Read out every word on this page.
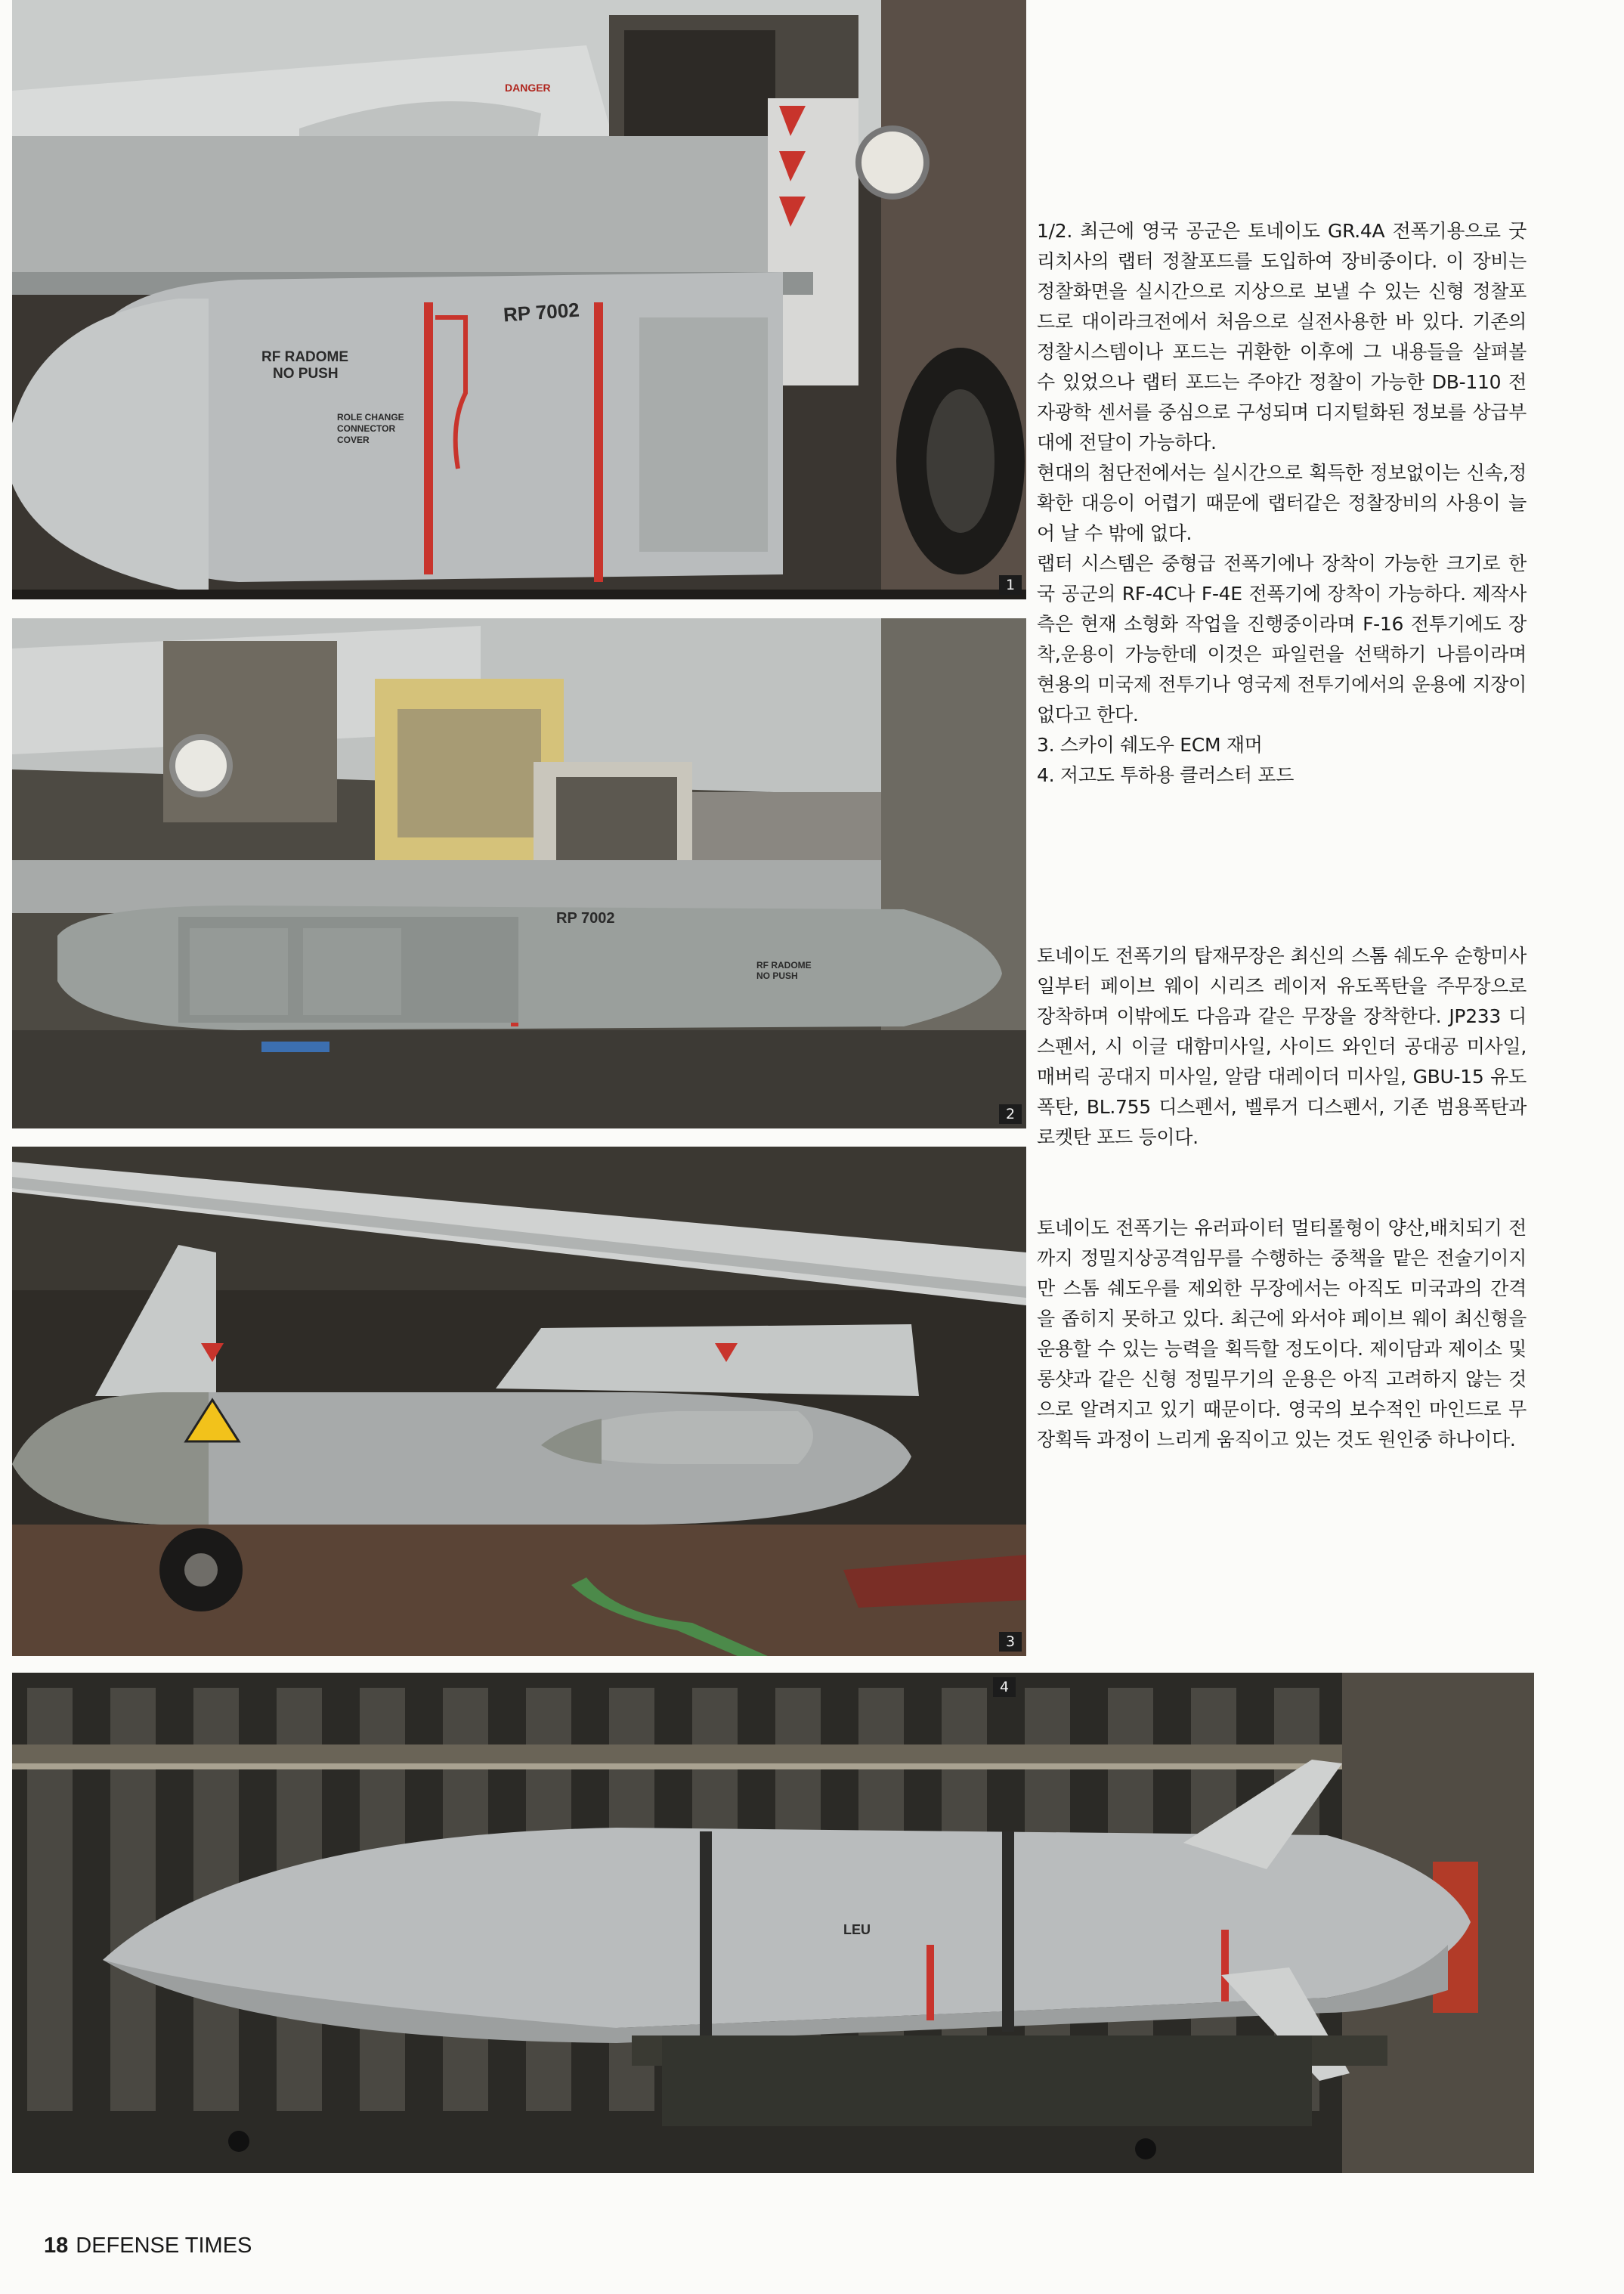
RP 7002
RF RADOME
NO PUSH
ROLE CHANGE
CONNECTOR
COVER
DANGER
1
RP 7002
RF RADOME
NO PUSH
2
3
LEU
4

1/2. 최근에 영국 공군은 토네이도 GR.4A 전폭기용으로 굿리치사의 랩터 정찰포드를 도입하여 장비중이다. 이 장비는 정찰화면을 실시간으로 지상으로 보낼 수 있는 신형 정찰포드로 대이라크전에서 처음으로 실전사용한 바 있다. 기존의 정찰시스템이나 포드는 귀환한 이후에 그 내용들을 살펴볼 수 있었으나 랩터 포드는 주야간 정찰이 가능한 DB-110 전자광학 센서를 중심으로 구성되며 디지털화된 정보를 상급부대에 전달이 가능하다.

현대의 첨단전에서는 실시간으로 획득한 정보없이는 신속,정확한 대응이 어렵기 때문에 랩터같은 정찰장비의 사용이 늘어 날 수 밖에 없다.

랩터 시스템은 중형급 전폭기에나 장착이 가능한 크기로 한국 공군의 RF-4C나 F-4E 전폭기에 장착이 가능하다. 제작사측은 현재 소형화 작업을 진행중이라며 F-16 전투기에도 장착,운용이 가능한데 이것은 파일런을 선택하기 나름이라며 현용의 미국제 전투기나 영국제 전투기에서의 운용에 지장이 없다고 한다.

3. 스카이 쉐도우 ECM 재머

4. 저고도 투하용 클러스터 포드

토네이도 전폭기의 탑재무장은 최신의 스톰 쉐도우 순항미사일부터 페이브 웨이 시리즈 레이저 유도폭탄을 주무장으로 장착하며 이밖에도 다음과 같은 무장을 장착한다. JP233 디스펜서, 시 이글 대함미사일, 사이드 와인더 공대공 미사일, 매버릭 공대지 미사일, 알람 대레이더 미사일, GBU-15 유도폭탄, BL.755 디스펜서, 벨루거 디스펜서, 기존 범용폭탄과 로켓탄 포드 등이다.

토네이도 전폭기는 유러파이터 멀티롤형이 양산,배치되기 전까지 정밀지상공격임무를 수행하는 중책을 맡은 전술기이지만 스톰 쉐도우를 제외한 무장에서는 아직도 미국과의 간격을 좁히지 못하고 있다. 최근에 와서야 페이브 웨이 최신형을 운용할 수 있는 능력을 획득할 정도이다. 제이담과 제이소 및 롱샷과 같은 신형 정밀무기의 운용은 아직 고려하지 않는 것으로 알려지고 있기 때문이다. 영국의 보수적인 마인드로 무장획득 과정이 느리게 움직이고 있는 것도 원인중 하나이다.

18 DEFENSE TIMES
